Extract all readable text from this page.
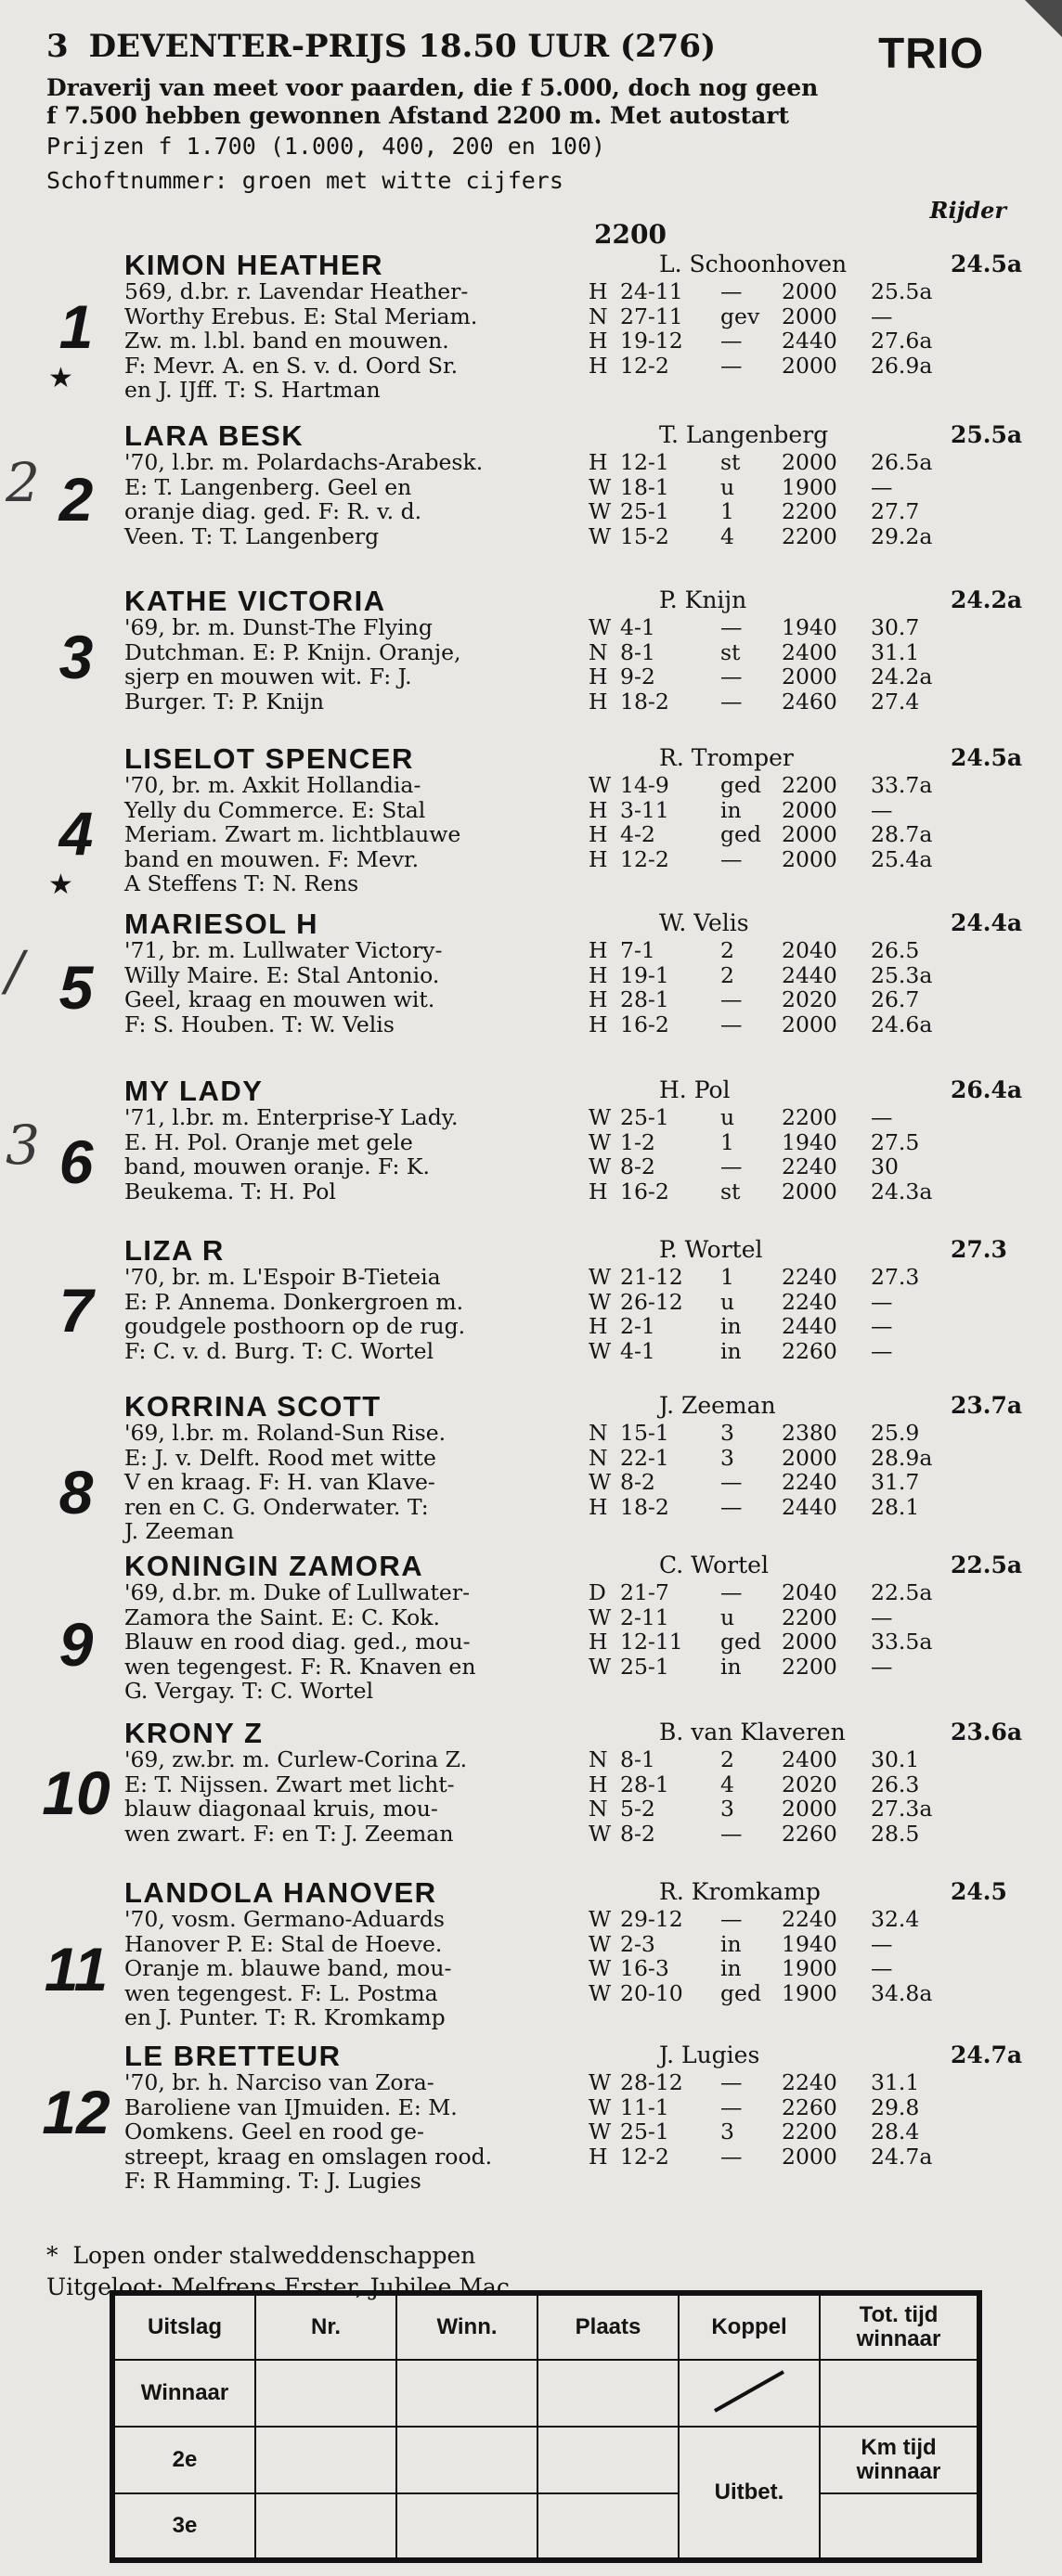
3 DEVENTER-PRIJS 18.50 UUR (276)	TRIO
Draverij van meet voor paarden, die f 5.000, doch nog geen
f 7.500 hebben gewonnen Afstand 2200 m. Met autostart
Prijzen f 1.700 (1.000, 400, 200 en 100)
Schoftnummer: groen met witte cijfers
Rijder
2200
1
KIMON HEATHER	L. Schoonhoven	24.5a
★
569, d.br. r. Lavendar Heather-
Worthy Erebus. E: Stal Meriam.
Zw. m. l.bl. band en mouwen.
F: Mevr. A. en S. v. d. Oord Sr.
en J. IJff. T: S. Hartman
H 24-11 — 2000 25.5a
N 27-11 gev 2000 —
H 19-12 — 2440 27.6a
H 12-2 — 2000 26.9a
2
LARA BESK	T. Langenberg	25.5a
2	'70, l.br. m. Polardachs-Arabesk.
E: T. Langenberg. Geel en
oranje diag. ged. F: R. v. d.
Veen. T: T. Langenberg
H 12-1 st 2000 26.5a
W 18-1 u 1900 —
W 25-1 1 2200 27.7
W 15-2 4 2200 29.2a
3
KATHE VICTORIA	P. Knijn	24.2a
'69, br. m. Dunst-The Flying
Dutchman. E: P. Knijn. Oranje,
sjerp en mouwen wit. F: J.
Burger. T: P. Knijn
W 4-1	— 1940 30.7
N 8-1	st 2400 31.1
H 9-2	— 2000 24.2a
H 18-2 — 2460 27.4
4
LISELOT SPENCER	R. Tromper	24.5a
★
'70, br. m. Axkit Hollandia-
Yelly du Commerce. E: Stal
Meriam. Zwart m. lichtblauwe
band en mouwen. F: Mevr.
A Steffens T: N. Rens
W 14-9 ged 2200 33.7a
H 3-11 in 2000 —
H 4-2	ged 2000 28.7a
H 12-2 — 2000 25.4a
5
MARIESOL H	W. Velis	24.4a
/	'71, br. m. Lullwater Victory-
Willy Maire. E: Stal Antonio.
Geel, kraag en mouwen wit.
F: S. Houben. T: W. Velis
H 7-1	2 2040 26.5
H 19-1 2 2440 25.3a
H 28-1 — 2020 26.7
H 16-2 — 2000 24.6a
6
MY LADY	H. Pol	26.4a
3	'71, l.br. m. Enterprise-Y Lady.
E. H. Pol. Oranje met gele
band, mouwen oranje. F: K.
Beukema. T: H. Pol
W 25-1 u 2200 —
W 1-2	1 1940 27.5
W 8-2	— 2240 30
H 16-2 st 2000 24.3a
7
LIZA R	P. Wortel	27.3
'70, br. m. L'Espoir B-Tieteia
E: P. Annema. Donkergroen m.
goudgele posthoorn op de rug.
F: C. v. d. Burg. T: C. Wortel
W 21-12 1 2240 27.3
W 26-12 u 2240 —
H 2-1	in 2440 —
W 4-1	in 2260 —
8
KORRINA SCOTT	J. Zeeman	23.7a
'69, l.br. m. Roland-Sun Rise.
E: J. v. Delft. Rood met witte
V en kraag. F: H. van Klave-
ren en C. G. Onderwater. T:
J. Zeeman
N 15-1 3 2380 25.9
N 22-1 3 2000 28.9a
W 8-2	— 2240 31.7
H 18-2 — 2440 28.1
9
KONINGIN ZAMORA	C. Wortel	22.5a
'69, d.br. m. Duke of Lullwater-
Zamora the Saint. E: C. Kok.
Blauw en rood diag. ged., mou-
wen tegengest. F: R. Knaven en
G. Vergay. T: C. Wortel
D 21-7 — 2040 22.5a
W 2-11 u 2200 —
H 12-11 ged 2000 33.5a
W 25-1 in 2200 —
10
KRONY Z	B. van Klaveren	23.6a
'69, zw.br. m. Curlew-Corina Z.
E: T. Nijssen. Zwart met licht-
blauw diagonaal kruis, mou-
wen zwart. F: en T: J. Zeeman
N 8-1	2 2400 30.1
H 28-1 4 2020 26.3
N 5-2	3 2000 27.3a
W 8-2	— 2260 28.5
11
LANDOLA HANOVER	R. Kromkamp	24.5
'70, vosm. Germano-Aduards
Hanover P. E: Stal de Hoeve.
Oranje m. blauwe band, mou-
wen tegengest. F: L. Postma
en J. Punter. T: R. Kromkamp
W 29-12 — 2240 32.4
W 2-3	in 1940 —
W 16-3 in 1900 —
W 20-10 ged 1900 34.8a
12
LE BRETTEUR	J. Lugies	24.7a
'70, br. h. Narciso van Zora-
Baroliene van IJmuiden. E: M.
Oomkens. Geel en rood ge-
streept, kraag en omslagen rood.
F: R Hamming. T: J. Lugies
W 28-12 — 2240 31.1
W 11-1 — 2260 29.8
W 25-1 3 2200 28.4
H 12-2 — 2000 24.7a
* Lopen onder stalweddenschappen
Uitgeloot: Melfrens Erster, Jubilee Mac
Uitslag	Nr.	Winn.	Plaats	Koppel	Tot. tijd winnaar
Winnaar					
2e				Uitbet.	Km tijd winnaar
3e					
